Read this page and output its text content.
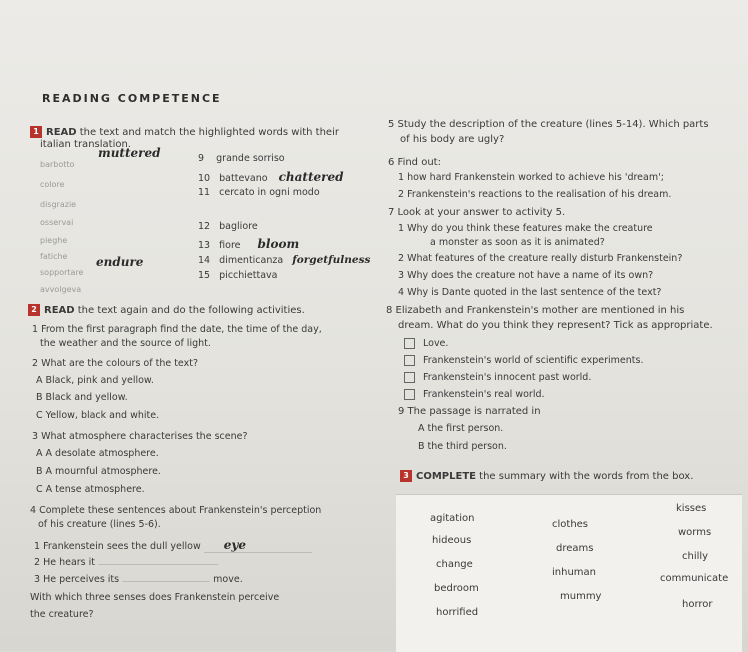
READING COMPETENCE
1 READ the text and match the highlighted words with their
italian translation.
barbotto
muttered
colore
disgrazie
osservai
pieghe
fatiche
sopportare
endure
avvolgeva
9 grande sorriso
10 battevano chattered
11 cercato in ogni modo
12 bagliore
13 fiore bloom
14 dimenticanza forgetfulness
15 picchiettava
2 READ the text again and do the following activities.
1 From the first paragraph find the date, the time of the day,
the weather and the source of light.
2 What are the colours of the text?
A Black, pink and yellow.
B Black and yellow.
C Yellow, black and white.
3 What atmosphere characterises the scene?
A A desolate atmosphere.
B A mournful atmosphere.
C A tense atmosphere.
4 Complete these sentences about Frankenstein's perception
of his creature (lines 5-6).
1 Frankenstein sees the dull yellow eye
2 He hears it
3 He perceives its	move.
With which three senses does Frankenstein perceive
the creature?
5 Study the description of the creature (lines 5-14). Which parts
of his body are ugly?
6 Find out:
1 how hard Frankenstein worked to achieve his 'dream';
2 Frankenstein's reactions to the realisation of his dream.
7 Look at your answer to activity 5.
1 Why do you think these features make the creature
a monster as soon as it is animated?
2 What features of the creature really disturb Frankenstein?
3 Why does the creature not have a name of its own?
4 Why is Dante quoted in the last sentence of the text?
8 Elizabeth and Frankenstein's mother are mentioned in his
dream. What do you think they represent? Tick as appropriate.
Love.
Frankenstein's world of scientific experiments.
Frankenstein's innocent past world.
Frankenstein's real world.
9 The passage is narrated in
A the first person.
B the third person.
3 COMPLETE the summary with the words from the box.
kisses
agitation
clothes
worms
hideous
dreams
chilly
change
inhuman
communicate
bedroom
mummy
horror
horrified
